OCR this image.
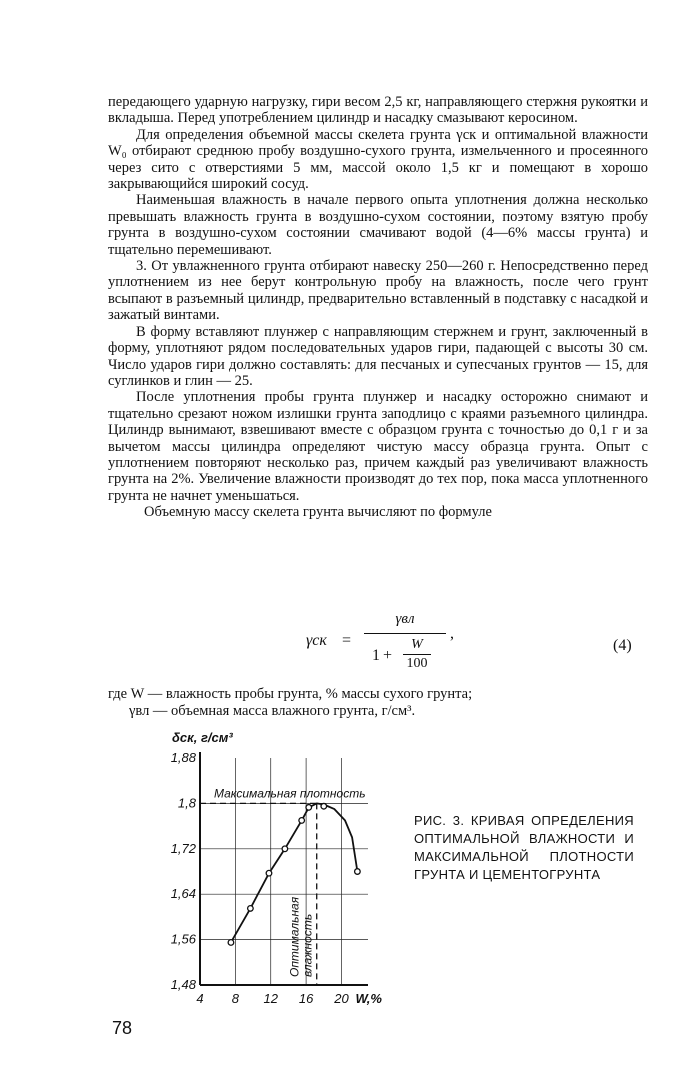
передающего ударную нагрузку, гири весом 2,5 кг, направляющего стержня рукоятки и вкладыша. Перед употреблением цилиндр и насадку смазывают керосином.

Для определения объемной массы скелета грунта γск и оптимальной влажности W₀ отбирают среднюю пробу воздушно-сухого грунта, измельченного и просеянного через сито с отверстиями 5 мм, массой около 1,5 кг и помещают в хорошо закрывающийся широкий сосуд.

Наименьшая влажность в начале первого опыта уплотнения должна несколько превышать влажность грунта в воздушно-сухом состоянии, поэтому взятую пробу грунта в воздушно-сухом состоянии смачивают водой (4—6% массы грунта) и тщательно перемешивают.

3. От увлажненного грунта отбирают навеску 250—260 г. Непосредственно перед уплотнением из нее берут контрольную пробу на влажность, после чего грунт всыпают в разъемный цилиндр, предварительно вставленный в подставку с насадкой и зажатый винтами.

В форму вставляют плунжер с направляющим стержнем и грунт, заключенный в форму, уплотняют рядом последовательных ударов гири, падающей с высоты 30 см. Число ударов гири должно составлять: для песчаных и супесчаных грунтов — 15, для суглинков и глин — 25.

После уплотнения пробы грунта плунжер и насадку осторожно снимают и тщательно срезают ножом излишки грунта заподлицо с краями разъемного цилиндра. Цилиндр вынимают, взвешивают вместе с образцом грунта с точностью до 0,1 г и за вычетом массы цилиндра определяют чистую массу образца грунта. Опыт с уплотнением повторяют несколько раз, причем каждый раз увеличивают влажность грунта на 2%. Увеличение влажности производят до тех пор, пока масса уплотненного грунта не начнет уменьшаться.

Объемную массу скелета грунта вычисляют по формуле

γск =
γвл
1 +
W
100
,
(4)
где W — влажность пробы грунта, % массы сухого грунта;
γвл — объемная масса влажного грунта, г/см³.
4 8 12 16 20
1,48
1,56
1,64
1,72
1,8
1,88
δск, г/см³
W,%
Максимальная плотность
Оптимальная влажность

РИС. 3. КРИВАЯ ОПРЕДЕЛЕНИЯ ОПТИМАЛЬНОЙ ВЛАЖНОСТИ И МАКСИМАЛЬНОЙ ПЛОТНОСТИ ГРУНТА И ЦЕМЕНТОГРУНТА

78
